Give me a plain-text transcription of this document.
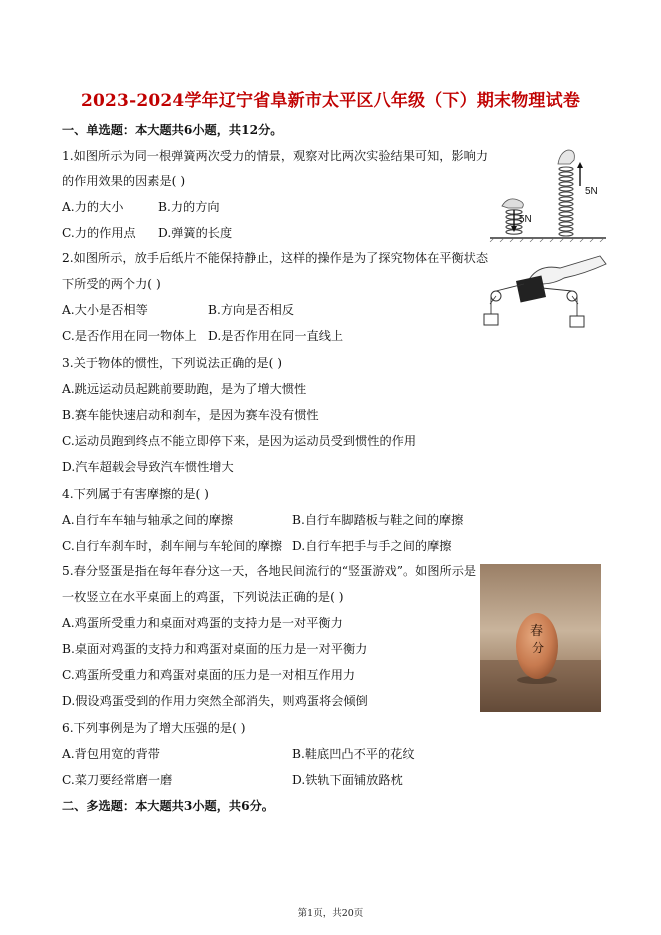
2023-2024学年辽宁省阜新市太平区八年级（下）期末物理试卷
一、单选题：本大题共6小题，共12分。
1.如图所示为同一根弹簧两次受力的情景，观察对比两次实验结果可知，影响力
的作用效果的因素是( )
A.力的大小	B.力的方向
C.力的作用点 D.弹簧的长度
5N
5N
2.如图所示，放手后纸片不能保持静止，这样的操作是为了探究物体在平衡状态
下所受的两个力( )
A.大小是否相等	B.方向是否相反
C.是否作用在同一物体上 D.是否作用在同一直线上
3.关于物体的惯性，下列说法正确的是( )
A.跳远运动员起跳前要助跑，是为了增大惯性
B.赛车能快速启动和刹车，是因为赛车没有惯性
C.运动员跑到终点不能立即停下来，是因为运动员受到惯性的作用
D.汽车超载会导致汽车惯性增大
4.下列属于有害摩擦的是( )
A.自行车车轴与轴承之间的摩擦	B.自行车脚踏板与鞋之间的摩擦
C.自行车刹车时，刹车闸与车轮间的摩擦 D.自行车把手与手之间的摩擦
5.春分竖蛋是指在每年春分这一天，各地民间流行的“竖蛋游戏”。如图所示是
一枚竖立在水平桌面上的鸡蛋，下列说法正确的是( )
A.鸡蛋所受重力和桌面对鸡蛋的支持力是一对平衡力
B.桌面对鸡蛋的支持力和鸡蛋对桌面的压力是一对平衡力
C.鸡蛋所受重力和鸡蛋对桌面的压力是一对相互作用力
D.假设鸡蛋受到的作用力突然全部消失，则鸡蛋将会倾倒
春
分
6.下列事例是为了增大压强的是( )
A.背包用宽的背带	B.鞋底凹凸不平的花纹
C.菜刀要经常磨一磨	D.铁轨下面铺放路枕
二、多选题：本大题共3小题，共6分。
第1页，共20页
